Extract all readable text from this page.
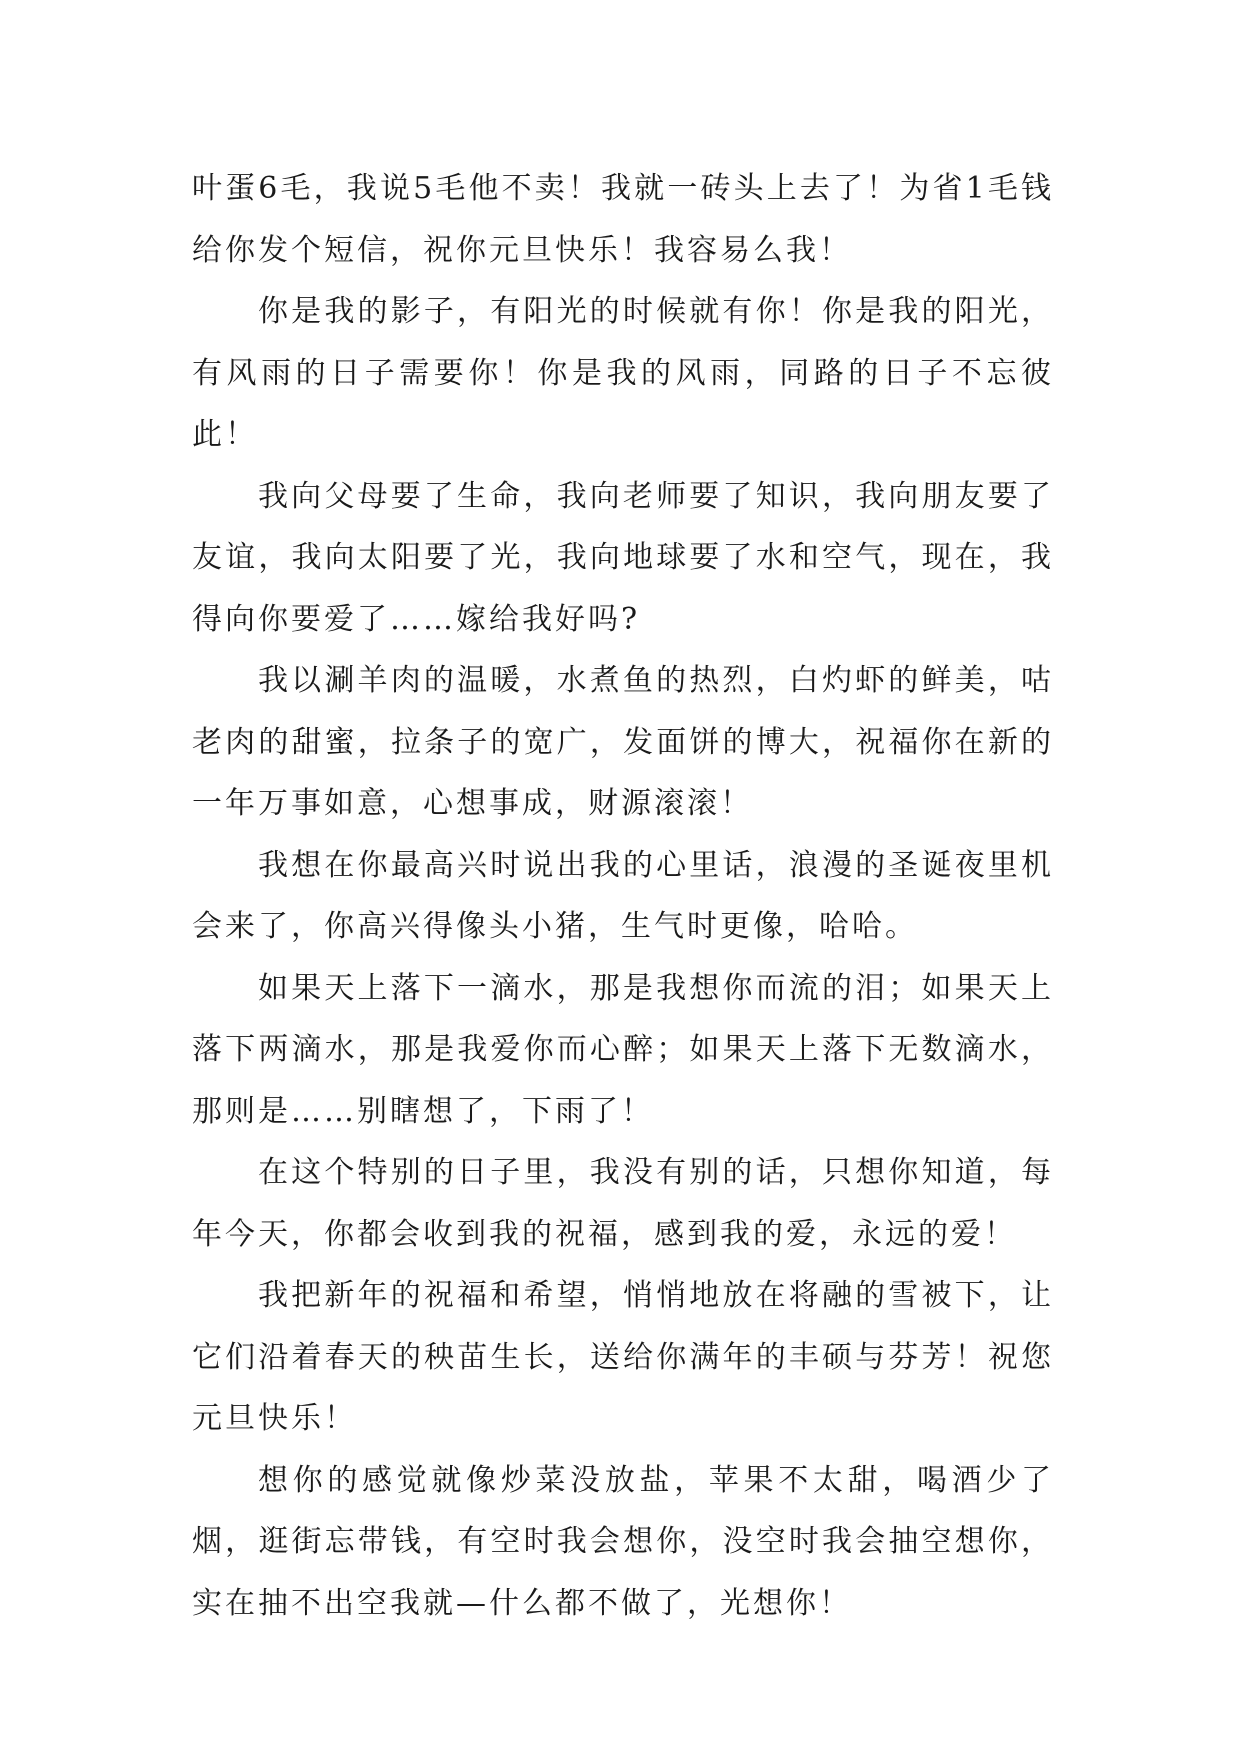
叶蛋6毛，我说5毛他不卖！我就一砖头上去了！为省1毛钱给你发个短信，祝你元旦快乐！我容易么我！

你是我的影子，有阳光的时候就有你！你是我的阳光，有风雨的日子需要你！你是我的风雨，同路的日子不忘彼此！

我向父母要了生命，我向老师要了知识，我向朋友要了友谊，我向太阳要了光，我向地球要了水和空气，现在，我得向你要爱了……嫁给我好吗?

我以涮羊肉的温暖，水煮鱼的热烈，白灼虾的鲜美，咕老肉的甜蜜，拉条子的宽广，发面饼的博大，祝福你在新的一年万事如意，心想事成，财源滚滚！

我想在你最高兴时说出我的心里话，浪漫的圣诞夜里机会来了，你高兴得像头小猪，生气时更像，哈哈。

如果天上落下一滴水，那是我想你而流的泪；如果天上落下两滴水，那是我爱你而心醉；如果天上落下无数滴水，那则是……别瞎想了，下雨了！

在这个特别的日子里，我没有别的话，只想你知道，每年今天，你都会收到我的祝福，感到我的爱，永远的爱！

我把新年的祝福和希望，悄悄地放在将融的雪被下，让它们沿着春天的秧苗生长，送给你满年的丰硕与芬芳！祝您元旦快乐！

想你的感觉就像炒菜没放盐，苹果不太甜，喝酒少了烟，逛街忘带钱，有空时我会想你，没空时我会抽空想你，实在抽不出空我就—什么都不做了，光想你！
